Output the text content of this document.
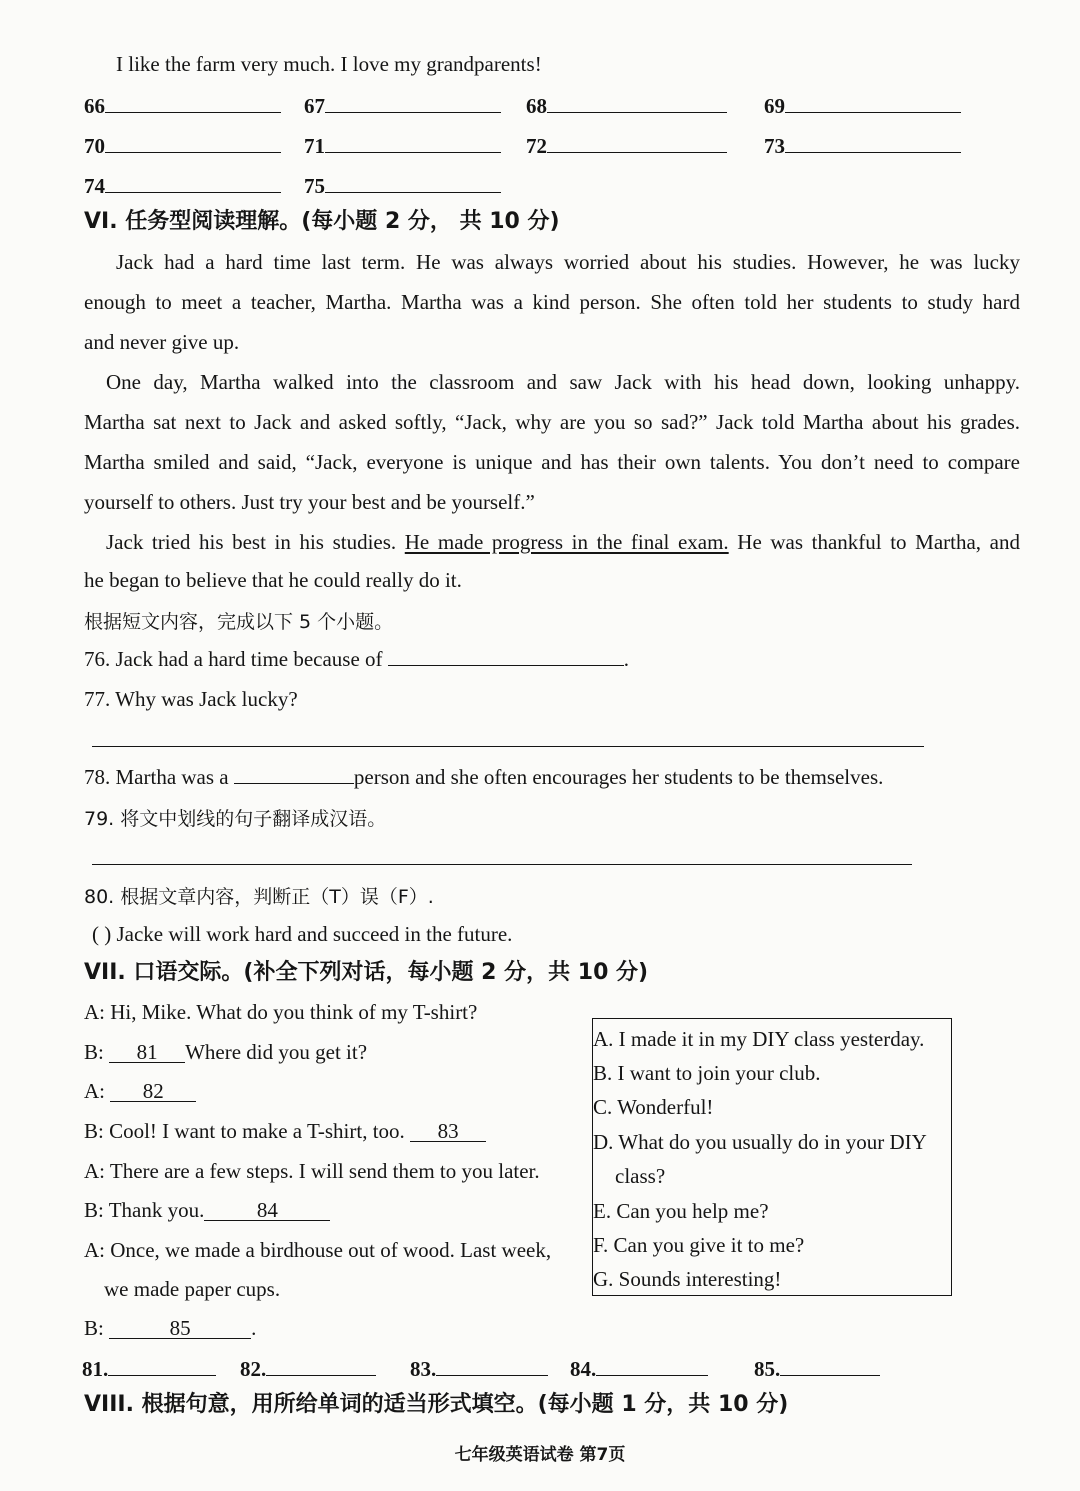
I like the farm very much. I love my grandparents!
66	67	68	69
70	71	72	73
74	75
VI. 任务型阅读理解。(每小题 2 分， 共 10 分)
Jack had a hard time last term. He was always worried about his studies. However, he was lucky
enough to meet a teacher, Martha. Martha was a kind person. She often told her students to study hard
and never give up.
One day, Martha walked into the classroom and saw Jack with his head down, looking unhappy.
Martha sat next to Jack and asked softly, “Jack, why are you so sad?” Jack told Martha about his grades.
Martha smiled and said, “Jack, everyone is unique and has their own talents. You don’t need to compare
yourself to others. Just try your best and be yourself.”
Jack tried his best in his studies. He made progress in the final exam. He was thankful to Martha, and
he began to believe that he could really do it.
根据短文内容，完成以下 5 个小题。
76. Jack had a hard time because of	.
77. Why was Jack lucky?
78. Martha was a	person and she often encourages her students to be themselves.
79. 将文中划线的句子翻译成汉语。
80. 根据文章内容，判断正（T）误（F）.
( ) Jacke will work hard and succeed in the future.
VII. 口语交际。(补全下列对话，每小题 2 分，共 10 分)
A: Hi, Mike. What do you think of my T-shirt?
B: 81 Where did you get it?
A: 82
B: Cool! I want to make a T-shirt, too. 83
A: There are a few steps. I will send them to you later.
B: Thank you.	84
A: Once, we made a birdhouse out of wood. Last week,
we made paper cups.
B:	85	.
A. I made it in my DIY class yesterday.
B. I want to join your club.
C. Wonderful!
D. What do you usually do in your DIY
class?
E. Can you help me?
F. Can you give it to me?
G. Sounds interesting!
81.	82.	83.	84.	85.
VIII. 根据句意，用所给单词的适当形式填空。(每小题 1 分，共 10 分)
七年级英语试卷 第7页
